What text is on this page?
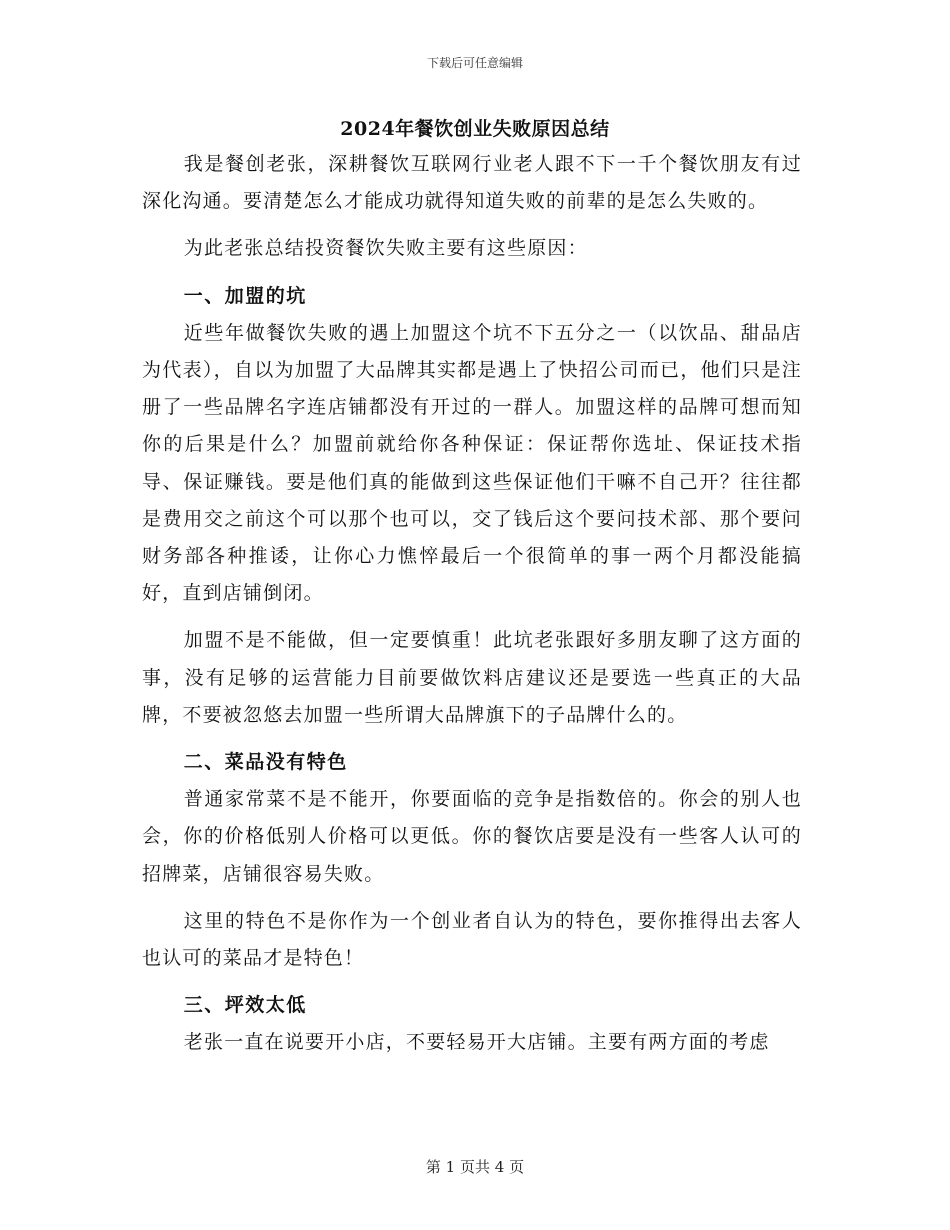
下载后可任意编辑
2024年餐饮创业失败原因总结

我是餐创老张，深耕餐饮互联网行业老人跟不下一千个餐饮朋友有过深化沟通。要清楚怎么才能成功就得知道失败的前辈的是怎么失败的。

为此老张总结投资餐饮失败主要有这些原因：

一、加盟的坑

近些年做餐饮失败的遇上加盟这个坑不下五分之一（以饮品、甜品店为代表），自以为加盟了大品牌其实都是遇上了快招公司而已，他们只是注册了一些品牌名字连店铺都没有开过的一群人。加盟这样的品牌可想而知你的后果是什么？加盟前就给你各种保证：保证帮你选址、保证技术指导、保证赚钱。要是他们真的能做到这些保证他们干嘛不自己开？往往都是费用交之前这个可以那个也可以，交了钱后这个要问技术部、那个要问财务部各种推诿，让你心力憔悴最后一个很简单的事一两个月都没能搞好，直到店铺倒闭。

加盟不是不能做，但一定要慎重！此坑老张跟好多朋友聊了这方面的事，没有足够的运营能力目前要做饮料店建议还是要选一些真正的大品牌，不要被忽悠去加盟一些所谓大品牌旗下的子品牌什么的。

二、菜品没有特色

普通家常菜不是不能开，你要面临的竞争是指数倍的。你会的别人也会，你的价格低别人价格可以更低。你的餐饮店要是没有一些客人认可的招牌菜，店铺很容易失败。

这里的特色不是你作为一个创业者自认为的特色，要你推得出去客人也认可的菜品才是特色！

三、坪效太低

老张一直在说要开小店，不要轻易开大店铺。主要有两方面的考虑

第 1 页共 4 页
